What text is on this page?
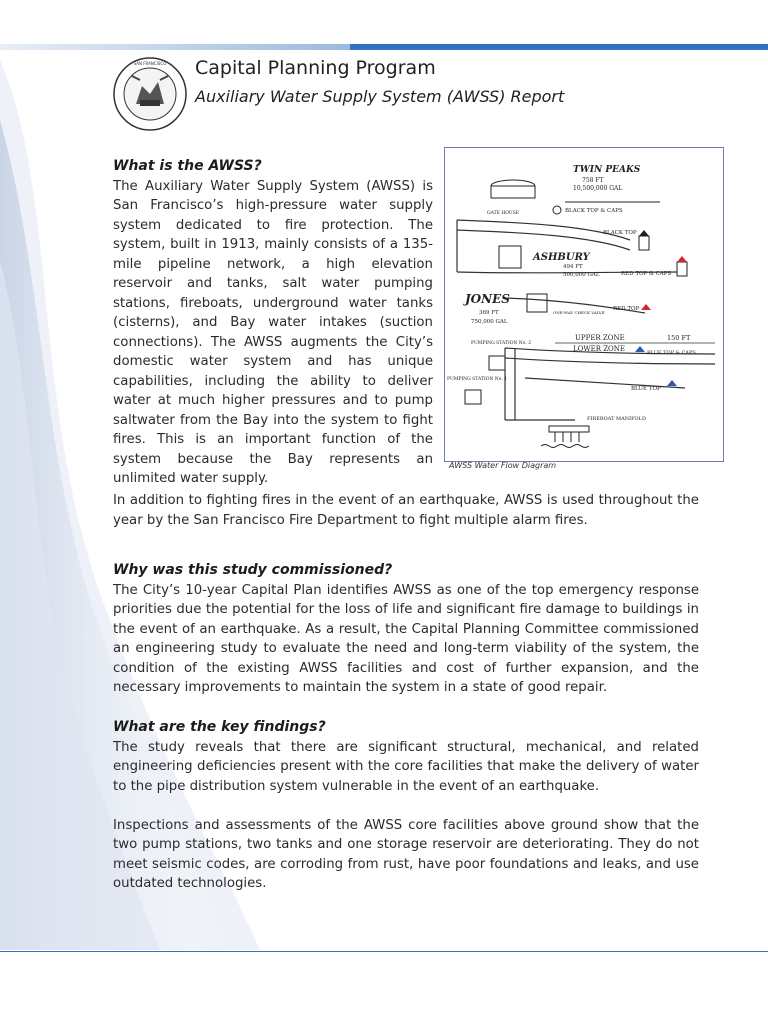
SAN FRANCISCO Capital Planning Program
Auxiliary Water Supply System (AWSS) Report
What is the AWSS?

The Auxiliary Water Supply System (AWSS) is San Francisco’s high-pressure water supply system dedicated to fire protection. The system, built in 1913, mainly consists of a 135-mile pipeline network, a high elevation reservoir and tanks, salt water pumping stations, fireboats, underground water tanks (cisterns), and Bay water intakes (suction connections). The AWSS augments the City’s domestic water system and has unique capabilities, including the ability to deliver water at much higher pressures and to pump saltwater from the Bay into the system to fight fires. This is an important function of the system because the Bay represents an unlimited water supply.

TWIN PEAKS
758 FT
10,500,000 GAL
GATE HOUSE	BLACK TOP & CAPS
BLACK TOP
ASHBURY
494 FT
500,000 GAL	RED TOP & CAPS
JONES
369 FT
750,000 GAL
ONE-WAY CHECK VALVE
RED TOP
UPPER ZONE
LOWER ZONE
150 FT
BLUE TOP & CAPS
PUMPING STATION No. 2
PUMPING STATION No. 1
BLUE TOP
FIREBOAT MANIFOLD
AWSS Water Flow Diagram

In addition to fighting fires in the event of an earthquake, AWSS is used throughout the year by the San Francisco Fire Department to fight multiple alarm fires.

Why was this study commissioned?

The City’s 10-year Capital Plan identifies AWSS as one of the top emergency response priorities due the potential for the loss of life and significant fire damage to buildings in the event of an earthquake. As a result, the Capital Planning Committee commissioned an engineering study to evaluate the need and long-term viability of the system, the condition of the existing AWSS facilities and cost of further expansion, and the necessary improvements to maintain the system in a state of good repair.

What are the key findings?

The study reveals that there are significant structural, mechanical, and related engineering deficiencies present with the core facilities that make the delivery of water to the pipe distribution system vulnerable in the event of an earthquake.

Inspections and assessments of the AWSS core facilities above ground show that the two pump stations, two tanks and one storage reservoir are deteriorating. They do not meet seismic codes, are corroding from rust, have poor foundations and leaks, and use outdated technologies.
